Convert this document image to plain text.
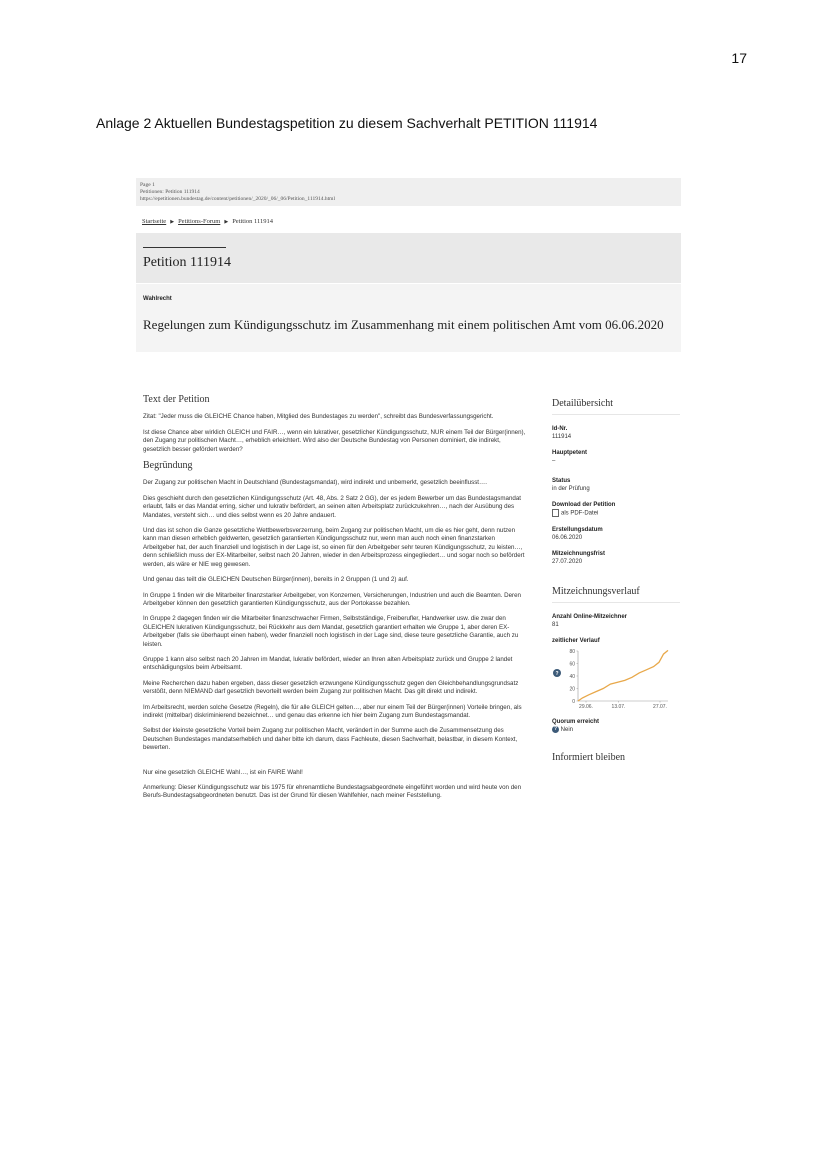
17
Anlage 2 Aktuellen Bundestagspetition zu diesem Sachverhalt PETITION 111914
Page 1
Petitionen: Petition 111914
https://epetitionen.bundestag.de/content/petitionen/_2020/_06/_06/Petition_111914.html
Startseite ▶ Petitions-Forum ▶ Petition 111914
Petition 111914
Wahlrecht
Regelungen zum Kündigungsschutz im Zusammenhang mit einem politischen Amt vom 06.06.2020
Text der Petition

Zitat: "Jeder muss die GLEICHE Chance haben, Mitglied des Bundestages zu werden", schreibt das Bundesverfassungsgericht.

Ist diese Chance aber wirklich GLEICH und FAIR…, wenn ein lukrativer, gesetzlicher Kündigungsschutz, NUR einem Teil der Bürger(innen), den Zugang zur politischen Macht…, erheblich erleichtert. Wird also der Deutsche Bundestag von Personen dominiert, die indirekt, gesetzlich besser gefördert werden?

Begründung

Der Zugang zur politischen Macht in Deutschland (Bundestagsmandat), wird indirekt und unbemerkt, gesetzlich beeinflusst….

Dies geschieht durch den gesetzlichen Kündigungsschutz (Art. 48, Abs. 2 Satz 2 GG), der es jedem Bewerber um das Bundestagsmandat erlaubt, falls er das Mandat erring, sicher und lukrativ befördert, an seinen alten Arbeitsplatz zurückzukehren…, nach der Ausübung des Mandates, versteht sich… und dies selbst wenn es 20 Jahre andauert.

Und das ist schon die Ganze gesetzliche Wettbewerbsverzerrung, beim Zugang zur politischen Macht, um die es hier geht, denn nutzen kann man diesen erheblich geldwerten, gesetzlich garantierten Kündigungsschutz nur, wenn man auch noch einen finanzstarken Arbeitgeber hat, der auch finanziell und logistisch in der Lage ist, so einen für den Arbeitgeber sehr teuren Kündigungsschutz, zu leisten…, denn schließlich muss der EX-Mitarbeiter, selbst nach 20 Jahren, wieder in den Arbeitsprozess eingegliedert… und sogar noch so befördert werden, als wäre er NIE weg gewesen.

Und genau das teilt die GLEICHEN Deutschen Bürger(innen), bereits in 2 Gruppen (1 und 2) auf.

In Gruppe 1 finden wir die Mitarbeiter finanzstarker Arbeitgeber, von Konzernen, Versicherungen, Industrien und auch die Beamten. Deren Arbeitgeber können den gesetzlich garantierten Kündigungsschutz, aus der Portokasse bezahlen.

In Gruppe 2 dagegen finden wir die Mitarbeiter finanzschwacher Firmen, Selbstständige, Freiberufler, Handwerker usw. die zwar den GLEICHEN lukrativen Kündigungsschutz, bei Rückkehr aus dem Mandat, gesetzlich garantiert erhalten wie Gruppe 1, aber deren EX-Arbeitgeber (falls sie überhaupt einen haben), weder finanziell noch logistisch in der Lage sind, diese teure gesetzliche Garantie, auch zu leisten.

Gruppe 1 kann also selbst nach 20 Jahren im Mandat, lukrativ befördert, wieder an Ihren alten Arbeitsplatz zurück und Gruppe 2 landet entschädigungslos beim Arbeitsamt.

Meine Recherchen dazu haben ergeben, dass dieser gesetzlich erzwungene Kündigungsschutz gegen den Gleichbehandlungsgrundsatz verstößt, denn NIEMAND darf gesetzlich bevorteilt werden beim Zugang zur politischen Macht. Das gilt direkt und indirekt.

Im Arbeitsrecht, werden solche Gesetze (Regeln), die für alle GLEICH gelten…, aber nur einem Teil der Bürger(innen) Vorteile bringen, als indirekt (mittelbar) diskriminierend bezeichnet… und genau das erkenne ich hier beim Zugang zum Bundestagsmandat.

Selbst der kleinste gesetzliche Vorteil beim Zugang zur politischen Macht, verändert in der Summe auch die Zusammensetzung des Deutschen Bundestages mandatserheblich und daher bitte ich darum, dass Fachleute, diesen Sachverhalt, belastbar, in diesem Kontext, bewerten.

Nur eine gesetzlich GLEICHE Wahl…, ist ein FAIRE Wahl!

Anmerkung: Dieser Kündigungsschutz war bis 1975 für ehrenamtliche Bundestagsabgeordnete eingeführt worden und wird heute von den Berufs-Bundestagsabgeordneten benutzt. Das ist der Grund für diesen Wahlfehler, nach meiner Feststellung.

Detailübersicht
Id-Nr.
111914
Hauptpetent
–
Status
in der Prüfung
Download der Petition
als PDF-Datei
Erstellungsdatum
06.06.2020
Mitzeichnungsfrist
27.07.2020
Mitzeichnungsverlauf
Anzahl Online-Mitzeichner
81
zeitlicher Verlauf
?
80
60
40
20
0
29.06.	13.07.	27.07.
Quorum erreicht
? Nein
Informiert bleiben
